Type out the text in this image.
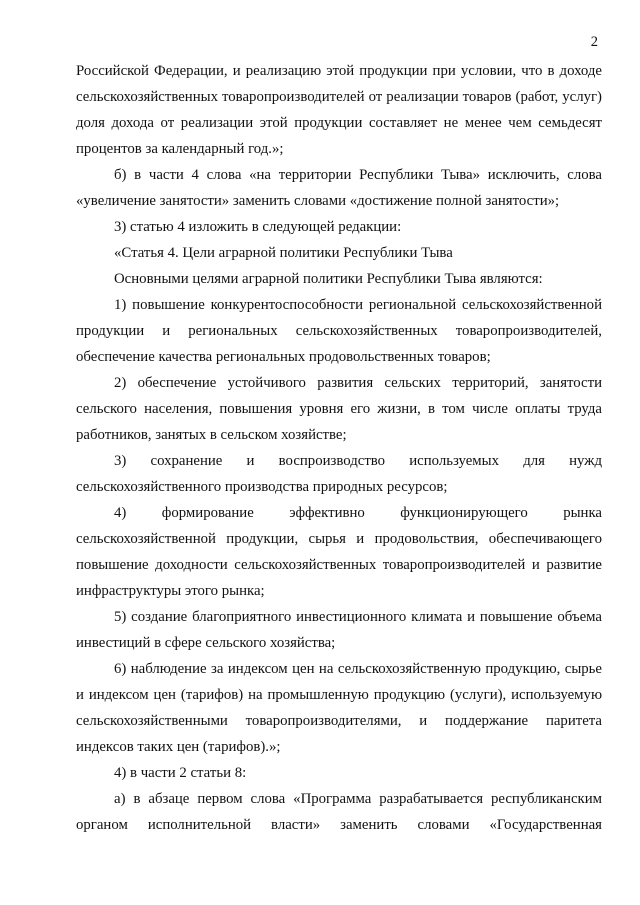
2

Российской Федерации, и реализацию этой продукции при условии, что в доходе сельскохозяйственных товаропроизводителей от реализации товаров (работ, услуг) доля дохода от реализации этой продукции составляет не менее чем семьдесят процентов за календарный год.»;

б) в части 4 слова «на территории Республики Тыва» исключить, слова «увеличение занятости» заменить словами «достижение полной занятости»;

3) статью 4 изложить в следующей редакции:

«Статья 4. Цели аграрной политики Республики Тыва

Основными целями аграрной политики Республики Тыва являются:

1) повышение конкурентоспособности региональной сельскохозяйственной продукции и региональных сельскохозяйственных товаропроизводителей, обеспечение качества региональных продовольственных товаров;

2) обеспечение устойчивого развития сельских территорий, занятости сельского населения, повышения уровня его жизни, в том числе оплаты труда работников, занятых в сельском хозяйстве;

3) сохранение и воспроизводство используемых для нужд сельскохозяйственного производства природных ресурсов;

4) формирование эффективно функционирующего рынка сельскохозяйственной продукции, сырья и продовольствия, обеспечивающего повышение доходности сельскохозяйственных товаропроизводителей и развитие инфраструктуры этого рынка;

5) создание благоприятного инвестиционного климата и повышение объема инвестиций в сфере сельского хозяйства;

6) наблюдение за индексом цен на сельскохозяйственную продукцию, сырье и индексом цен (тарифов) на промышленную продукцию (услуги), используемую сельскохозяйственными товаропроизводителями, и поддержание паритета индексов таких цен (тарифов).»;

4) в части 2 статьи 8:

а) в абзаце первом слова «Программа разрабатывается республиканским органом исполнительной власти» заменить словами «Государственная
